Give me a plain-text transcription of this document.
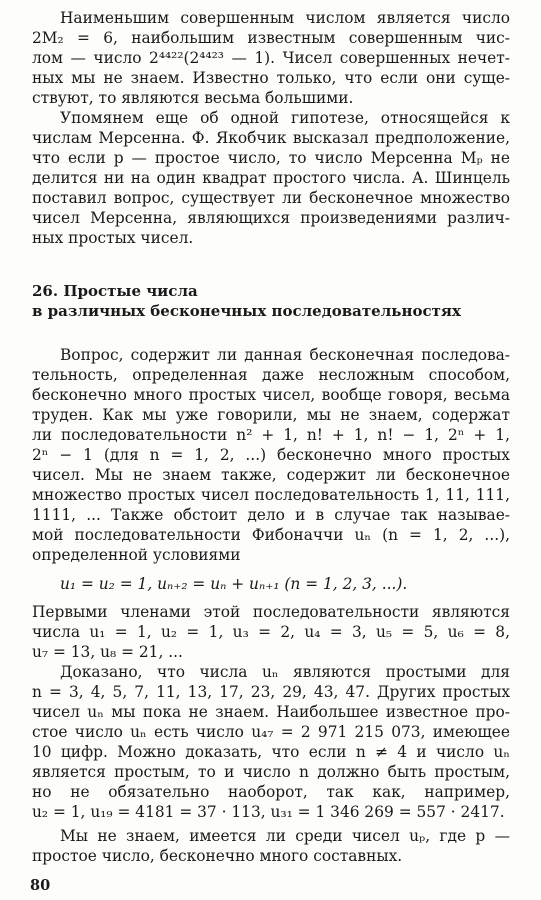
Наименьшим совершенным числом является число
2M₂ = 6, наибольшим известным совершенным чис-
лом — число 2⁴⁴²²(2⁴⁴²³ — 1). Чисел совершенных нечет-
ных мы не знаем. Известно только, что если они суще-
ствуют, то являются весьма большими.
Упомянем еще об одной гипотезе, относящейся к
числам Мерсенна. Ф. Якобчик высказал предположение,
что если p — простое число, то число Мерсенна Mₚ не
делится ни на один квадрат простого числа. А. Шинцель
поставил вопрос, существует ли бесконечное множество
чисел Мерсенна, являющихся произведениями различ-
ных простых чисел.
26. Простые числа
в различных бесконечных последовательностях
Вопрос, содержит ли данная бесконечная последова-
тельность, определенная даже несложным способом,
бесконечно много простых чисел, вообще говоря, весьма
труден. Как мы уже говорили, мы не знаем, содержат
ли последовательности n² + 1, n! + 1, n! − 1, 2ⁿ + 1,
2ⁿ − 1 (для n = 1, 2, ...) бесконечно много простых
чисел. Мы не знаем также, содержит ли бесконечное
множество простых чисел последовательность 1, 11, 111,
1111, ... Также обстоит дело и в случае так называе-
мой последовательности Фибоначчи uₙ (n = 1, 2, ...),
определенной условиями
u₁ = u₂ = 1, uₙ₊₂ = uₙ + uₙ₊₁ (n = 1, 2, 3, ...).
Первыми членами этой последовательности являются
числа u₁ = 1, u₂ = 1, u₃ = 2, u₄ = 3, u₅ = 5, u₆ = 8,
u₇ = 13, u₈ = 21, ...
Доказано, что числа uₙ являются простыми для
n = 3, 4, 5, 7, 11, 13, 17, 23, 29, 43, 47. Других простых
чисел uₙ мы пока не знаем. Наибольшее известное про-
стое число uₙ есть число u₄₇ = 2 971 215 073, имеющее
10 цифр. Можно доказать, что если n ≠ 4 и число uₙ
является простым, то и число n должно быть простым,
но не обязательно наоборот, так как, например,
u₂ = 1, u₁₉ = 4181 = 37 · 113, u₃₁ = 1 346 269 = 557 · 2417.
Мы не знаем, имеется ли среди чисел uₚ, где p —
простое число, бесконечно много составных.
80
